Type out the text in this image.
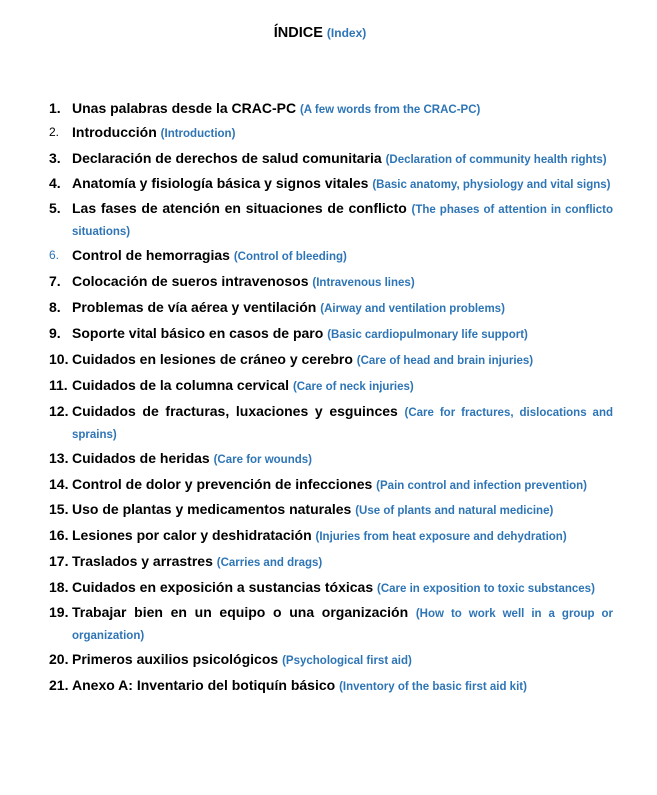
ÍNDICE (Index)
1. Unas palabras desde la CRAC-PC (A few words from the CRAC-PC)
2. Introducción (Introduction)
3. Declaración de derechos de salud comunitaria (Declaration of community health rights)
4. Anatomía y fisiología básica y signos vitales (Basic anatomy, physiology and vital signs)
5. Las fases de atención en situaciones de conflicto (The phases of attention in conflicto situations)
6. Control de hemorragias (Control of bleeding)
7. Colocación de sueros intravenosos (Intravenous lines)
8. Problemas de vía aérea y ventilación (Airway and ventilation problems)
9. Soporte vital básico en casos de paro (Basic cardiopulmonary life support)
10. Cuidados en lesiones de cráneo y cerebro (Care of head and brain injuries)
11. Cuidados de la columna cervical (Care of neck injuries)
12. Cuidados de fracturas, luxaciones y esguinces (Care for fractures, dislocations and sprains)
13. Cuidados de heridas (Care for wounds)
14. Control de dolor y prevención de infecciones (Pain control and infection prevention)
15. Uso de plantas y medicamentos naturales (Use of plants and natural medicine)
16. Lesiones por calor y deshidratación (Injuries from heat exposure and dehydration)
17. Traslados y arrastres (Carries and drags)
18. Cuidados en exposición a sustancias tóxicas (Care in exposition to toxic substances)
19. Trabajar bien en un equipo o una organización (How to work well in a group or organization)
20. Primeros auxilios psicológicos (Psychological first aid)
21. Anexo A: Inventario del botiquín básico (Inventory of the basic first aid kit)
